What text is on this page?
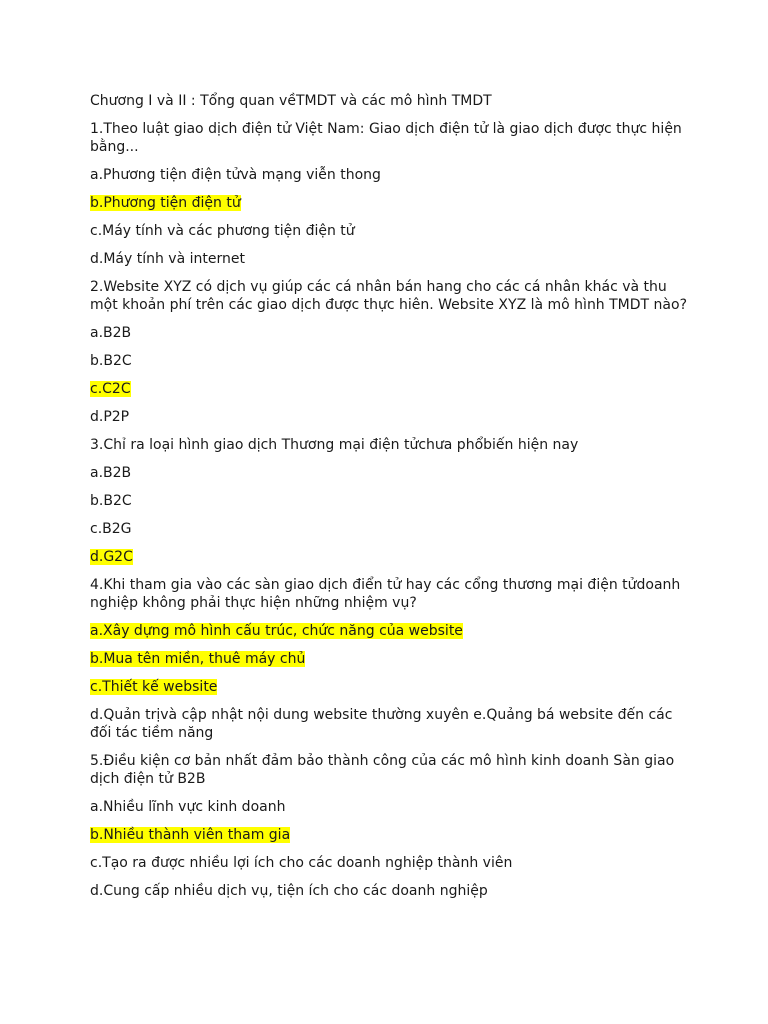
Chương I và II : Tổng quan vềTMDT và các mô hình TMDT

1.Theo luật giao dịch điện tử Việt Nam: Giao dịch điện tử là giao dịch được thực hiện bằng...

a.Phương tiện điện tửvà mạng viễn thong

b.Phương tiện điện tử

c.Máy tính và các phương tiện điện tử

d.Máy tính và internet

2.Website XYZ có dịch vụ giúp các cá nhân bán hang cho các cá nhân khác và thu một khoản phí trên các giao dịch được thực hiên. Website XYZ là mô hình TMDT nào?

a.B2B

b.B2C

c.C2C

d.P2P

3.Chỉ ra loại hình giao dịch Thương mại điện tửchưa phổbiến hiện nay

a.B2B

b.B2C

c.B2G

d.G2C

4.Khi tham gia vào các sàn giao dịch điển tử hay các cổng thương mại điện tửdoanh nghiệp không phải thực hiện những nhiệm vụ?

a.Xây dựng mô hình cấu trúc, chức năng của website

b.Mua tên miền, thuê máy chủ

c.Thiết kế website

d.Quản trịvà cập nhật nội dung website thường xuyên e.Quảng bá website đến các đối tác tiềm năng

5.Điều kiện cơ bản nhất đảm bảo thành công của các mô hình kinh doanh Sàn giao dịch điện tử B2B

a.Nhiều lĩnh vực kinh doanh

b.Nhiều thành viên tham gia

c.Tạo ra được nhiều lợi ích cho các doanh nghiệp thành viên

d.Cung cấp nhiều dịch vụ, tiện ích cho các doanh nghiệp
